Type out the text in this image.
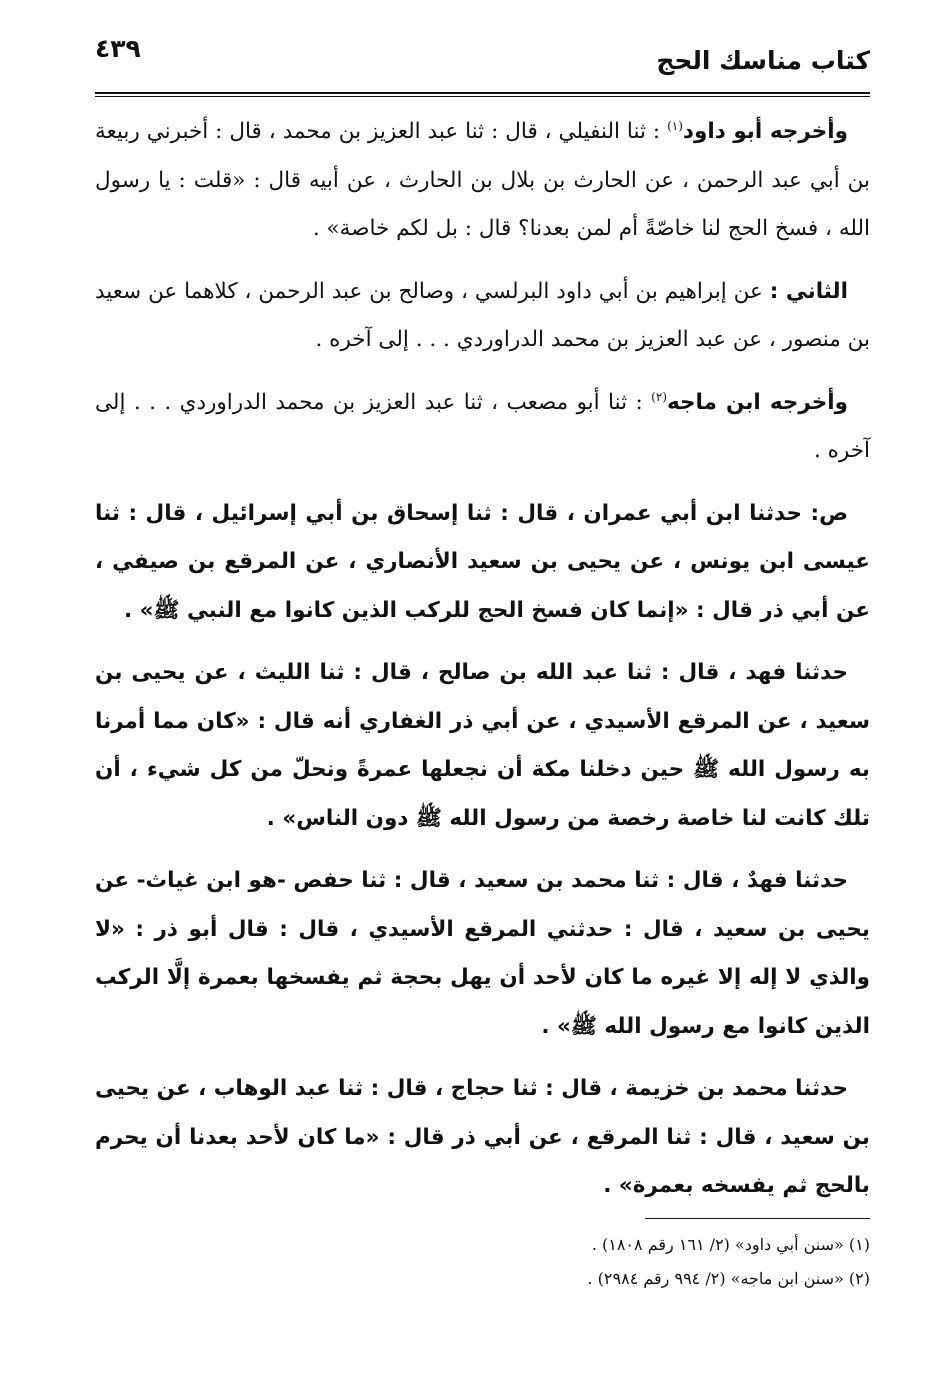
كتاب مناسك الحج
٤٣٩

وأخرجه أبو داود$^{(١)}$ : ثنا النفيلي ، قال : ثنا عبد العزيز بن محمد ، قال : أخبرني ربيعة بن أبي عبد الرحمن ، عن الحارث بن بلال بن الحارث ، عن أبيه قال : «قلت : يا رسول الله ، فسخ الحج لنا خاصّةً أم لمن بعدنا؟ قال : بل لكم خاصة» .

الثاني : عن إبراهيم بن أبي داود البرلسي ، وصالح بن عبد الرحمن ، كلاهما عن سعيد بن منصور ، عن عبد العزيز بن محمد الدراوردي . . . إلى آخره .

وأخرجه ابن ماجه$^{(٢)}$ : ثنا أبو مصعب ، ثنا عبد العزيز بن محمد الدراوردي . . . إلى آخره .

ص: حدثنا ابن أبي عمران ، قال : ثنا إسحاق بن أبي إسرائيل ، قال : ثنا عيسى ابن يونس ، عن يحيى بن سعيد الأنصاري ، عن المرقع بن صيفي ، عن أبي ذر قال : «إنما كان فسخ الحج للركب الذين كانوا مع النبي ﷺ» .

حدثنا فهد ، قال : ثنا عبد الله بن صالح ، قال : ثنا الليث ، عن يحيى بن سعيد ، عن المرقع الأسيدي ، عن أبي ذر الغفاري أنه قال : «كان مما أمرنا به رسول الله ﷺ حين دخلنا مكة أن نجعلها عمرةً ونحلّ من كل شيء ، أن تلك كانت لنا خاصة رخصة من رسول الله ﷺ دون الناس» .

حدثنا فهدٌ ، قال : ثنا محمد بن سعيد ، قال : ثنا حفص -هو ابن غياث- عن يحيى بن سعيد ، قال : حدثني المرقع الأسيدي ، قال : قال أبو ذر : «لا والذي لا إله إلا غيره ما كان لأحد أن يهل بحجة ثم يفسخها بعمرة إلَّا الركب الذين كانوا مع رسول الله ﷺ» .

حدثنا محمد بن خزيمة ، قال : ثنا حجاج ، قال : ثنا عبد الوهاب ، عن يحيى بن سعيد ، قال : ثنا المرقع ، عن أبي ذر قال : «ما كان لأحد بعدنا أن يحرم بالحج ثم يفسخه بعمرة» .

(١) «سنن أبي داود» (٢/ ١٦١ رقم ١٨٠٨) .

(٢) «سنن ابن ماجه» (٢/ ٩٩٤ رقم ٢٩٨٤) .
